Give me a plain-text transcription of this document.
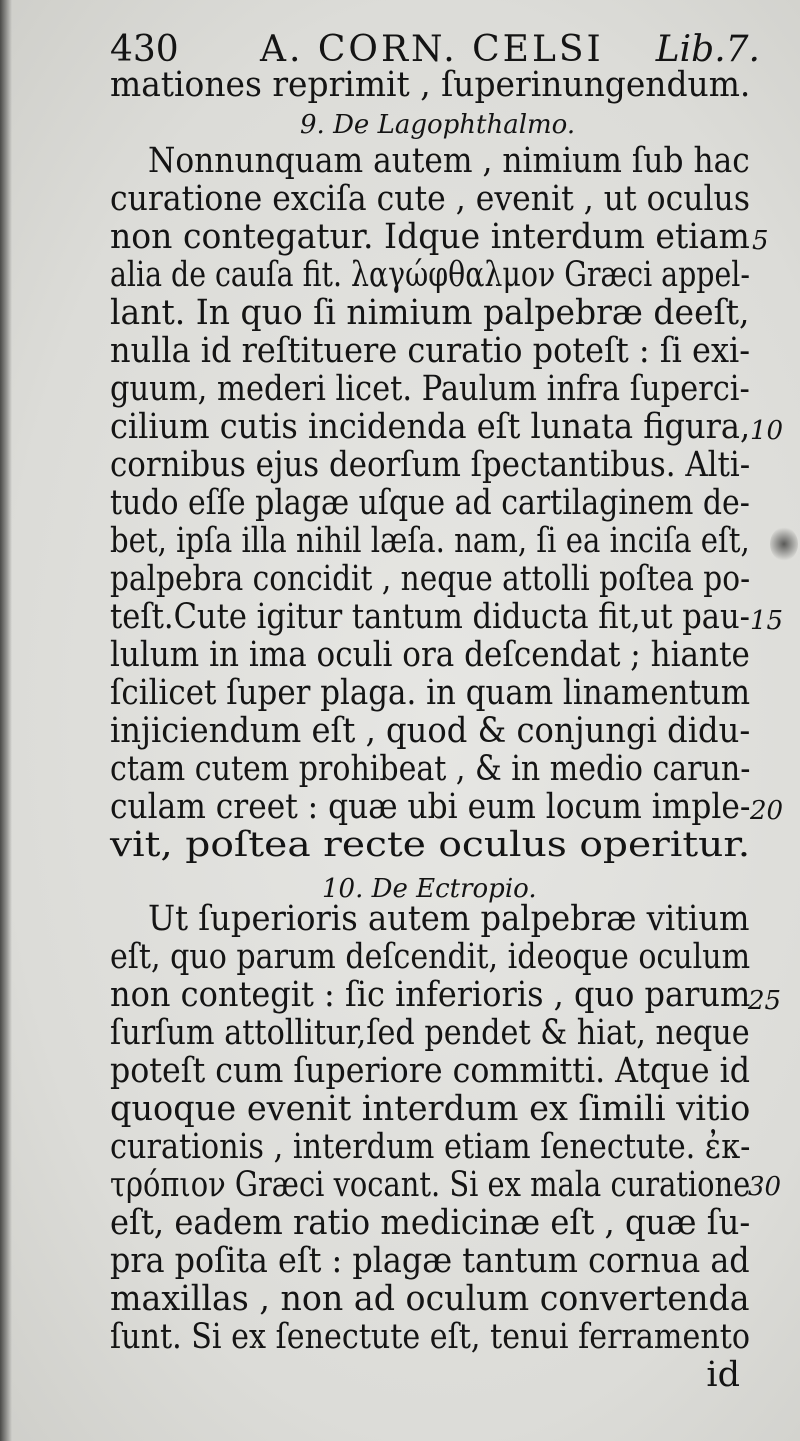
430 A. CORN. CELSI Lib.7.
mationes reprimit , ſuperinungendum.
9. De Lagophthalmo.
Nonnunquam autem , nimium ſub hac
curatione exciſa cute , evenit , ut oculus
non contegatur. Idque interdum etiam
alia de cauſa fit. λαγώφθαλμον Græci appel-
lant. In quo ſi nimium palpebræ deeſt,
nulla id reſtituere curatio poteſt : ſi exi-
guum, mederi licet. Paulum infra ſuperci-
cilium cutis incidenda eſt lunata figura,
cornibus ejus deorſum ſpectantibus. Alti-
tudo eſſe plagæ uſque ad cartilaginem de-
bet, ipſa illa nihil læſa. nam, ſi ea inciſa eſt,
palpebra concidit , neque attolli poſtea po-
teſt.Cute igitur tantum diducta fit,ut pau-
lulum in ima oculi ora deſcendat ; hiante
ſcilicet ſuper plaga. in quam linamentum
injiciendum eſt , quod & conjungi didu-
ctam cutem prohibeat , & in medio carun-
culam creet : quæ ubi eum locum imple-
vit, poſtea recte oculus operitur.
10. De Ectropio.
Ut ſuperioris autem palpebræ vitium
eſt, quo parum deſcendit, ideoque oculum
non contegit : ſic inferioris , quo parum
ſurſum attollitur,ſed pendet & hiat, neque
poteſt cum ſuperiore committi. Atque id
quoque evenit interdum ex ſimili vitio
curationis , interdum etiam ſenectute. ἐκ-
τρόπιον Græci vocant. Si ex mala curatione
eſt, eadem ratio medicinæ eſt , quæ ſu-
pra poſita eſt : plagæ tantum cornua ad
maxillas , non ad oculum convertenda
ſunt. Si ex ſenectute eſt, tenui ferramento
5
10
15
20
25
30
id
